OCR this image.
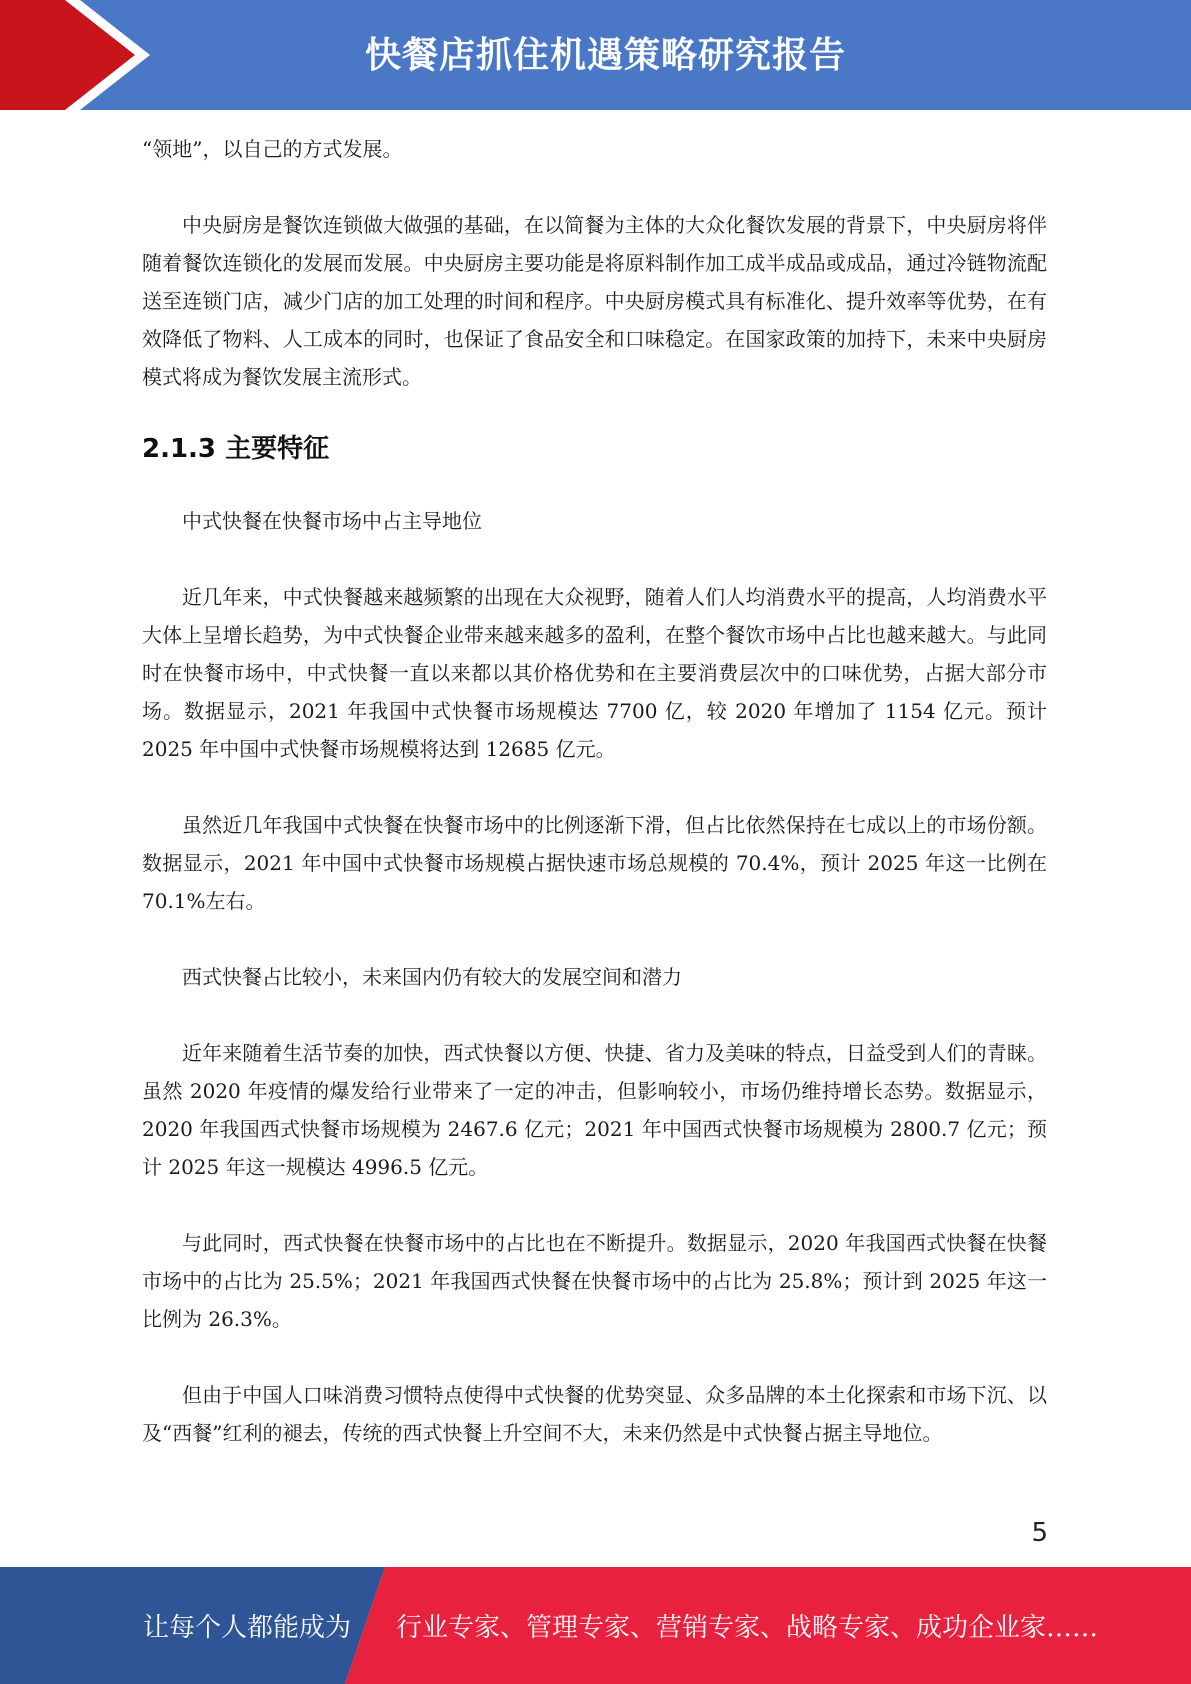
快餐店抓住机遇策略研究报告

“领地”，以自己的方式发展。

中央厨房是餐饮连锁做大做强的基础，在以简餐为主体的大众化餐饮发展的背景下，中央厨房将伴随着餐饮连锁化的发展而发展。中央厨房主要功能是将原料制作加工成半成品或成品，通过冷链物流配送至连锁门店，减少门店的加工处理的时间和程序。中央厨房模式具有标准化、提升效率等优势，在有效降低了物料、人工成本的同时，也保证了食品安全和口味稳定。在国家政策的加持下，未来中央厨房模式将成为餐饮发展主流形式。

2.1.3 主要特征

中式快餐在快餐市场中占主导地位

近几年来，中式快餐越来越频繁的出现在大众视野，随着人们人均消费水平的提高，人均消费水平大体上呈增长趋势，为中式快餐企业带来越来越多的盈利，在整个餐饮市场中占比也越来越大。与此同时在快餐市场中，中式快餐一直以来都以其价格优势和在主要消费层次中的口味优势，占据大部分市场。数据显示，2021 年我国中式快餐市场规模达 7700 亿，较 2020 年增加了 1154 亿元。预计 2025 年中国中式快餐市场规模将达到 12685 亿元。

虽然近几年我国中式快餐在快餐市场中的比例逐渐下滑，但占比依然保持在七成以上的市场份额。数据显示，2021 年中国中式快餐市场规模占据快速市场总规模的 70.4%，预计 2025 年这一比例在 70.1%左右。

西式快餐占比较小，未来国内仍有较大的发展空间和潜力

近年来随着生活节奏的加快，西式快餐以方便、快捷、省力及美味的特点，日益受到人们的青睐。虽然 2020 年疫情的爆发给行业带来了一定的冲击，但影响较小，市场仍维持增长态势。数据显示，2020 年我国西式快餐市场规模为 2467.6 亿元；2021 年中国西式快餐市场规模为 2800.7 亿元；预计 2025 年这一规模达 4996.5 亿元。

与此同时，西式快餐在快餐市场中的占比也在不断提升。数据显示，2020 年我国西式快餐在快餐市场中的占比为 25.5%；2021 年我国西式快餐在快餐市场中的占比为 25.8%；预计到 2025 年这一比例为 26.3%。

但由于中国人口味消费习惯特点使得中式快餐的优势突显、众多品牌的本土化探索和市场下沉、以及“西餐”红利的褪去，传统的西式快餐上升空间不大，未来仍然是中式快餐占据主导地位。

5
让每个人都能成为 行业专家、管理专家、营销专家、战略专家、成功企业家……
